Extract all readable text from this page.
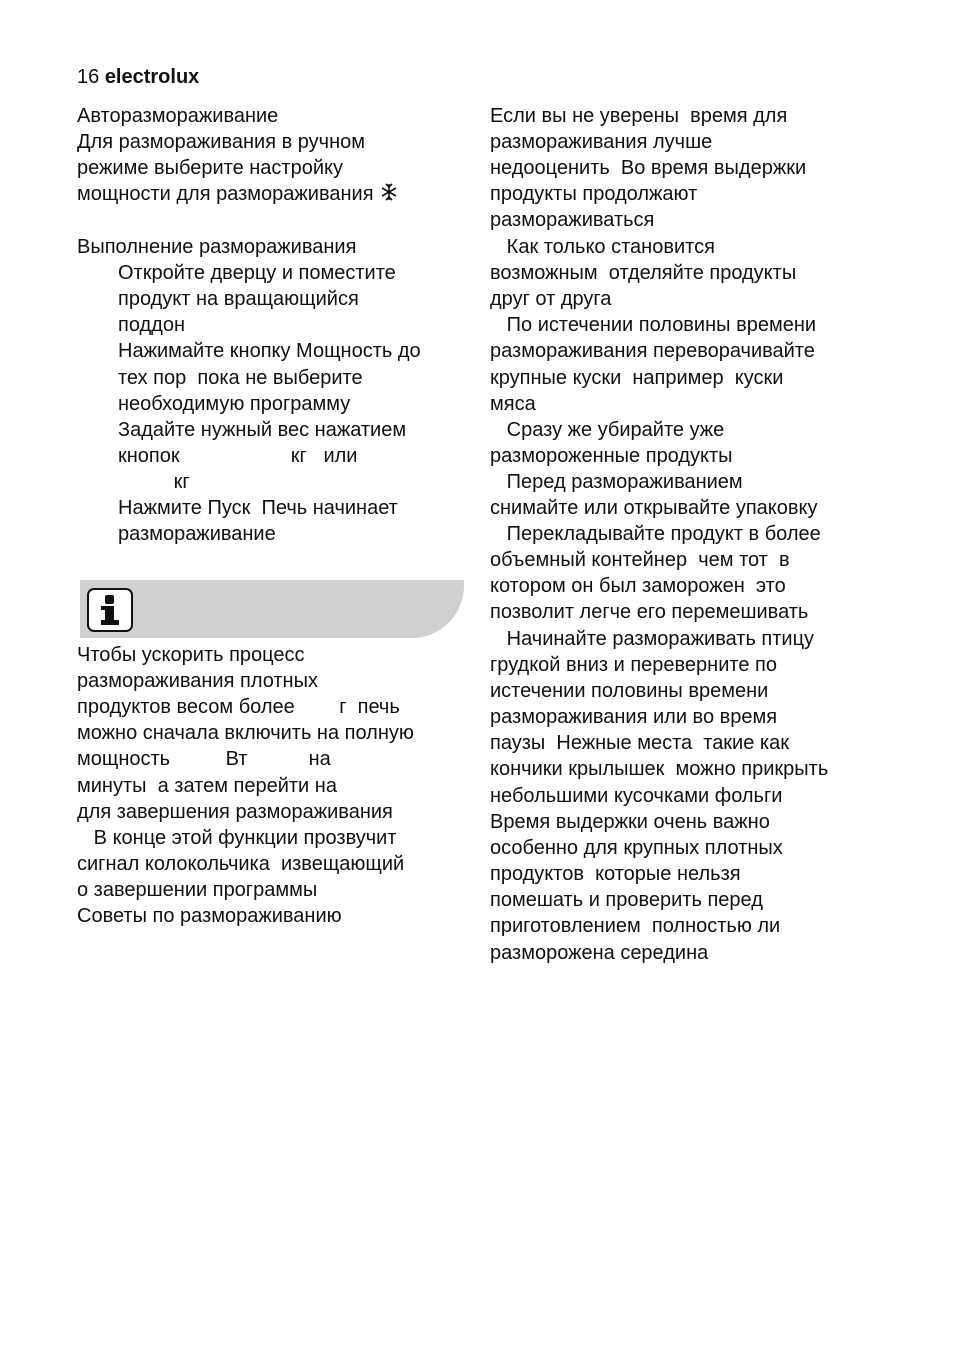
16 electrolux
Авторазмораживание
Для размораживания в ручном
режиме выберите настройку
мощности для размораживания
Выполнение размораживания
Откройте дверцу и поместите
продукт на вращающийся
поддон
Нажимайте кнопку Мощность до
тех пор  пока не выберите
необходимую программу
Задайте нужный вес нажатием
кнопок                    кг   или
кг
Нажмите Пуск  Печь начинает
размораживание
Чтобы ускорить процесс
размораживания плотных
продуктов весом более        г  печь
можно сначала включить на полную
мощность          Вт           на
минуты  а затем перейти на
для завершения размораживания
В конце этой функции прозвучит
сигнал колокольчика  извещающий
о завершении программы
Советы по размораживанию
Если вы не уверены  время для
размораживания лучше
недооценить  Во время выдержки
продукты продолжают
размораживаться
Как только становится
возможным  отделяйте продукты
друг от друга
По истечении половины времени
размораживания переворачивайте
крупные куски  например  куски
мяса
Сразу же убирайте уже
размороженные продукты
Перед размораживанием
снимайте или открывайте упаковку
Перекладывайте продукт в более
объемный контейнер  чем тот  в
котором он был заморожен  это
позволит легче его перемешивать
Начинайте размораживать птицу
грудкой вниз и переверните по
истечении половины времени
размораживания или во время
паузы  Нежные места  такие как
кончики крылышек  можно прикрыть
небольшими кусочками фольги
Время выдержки очень важно
особенно для крупных плотных
продуктов  которые нельзя
помешать и проверить перед
приготовлением  полностью ли
разморожена середина
